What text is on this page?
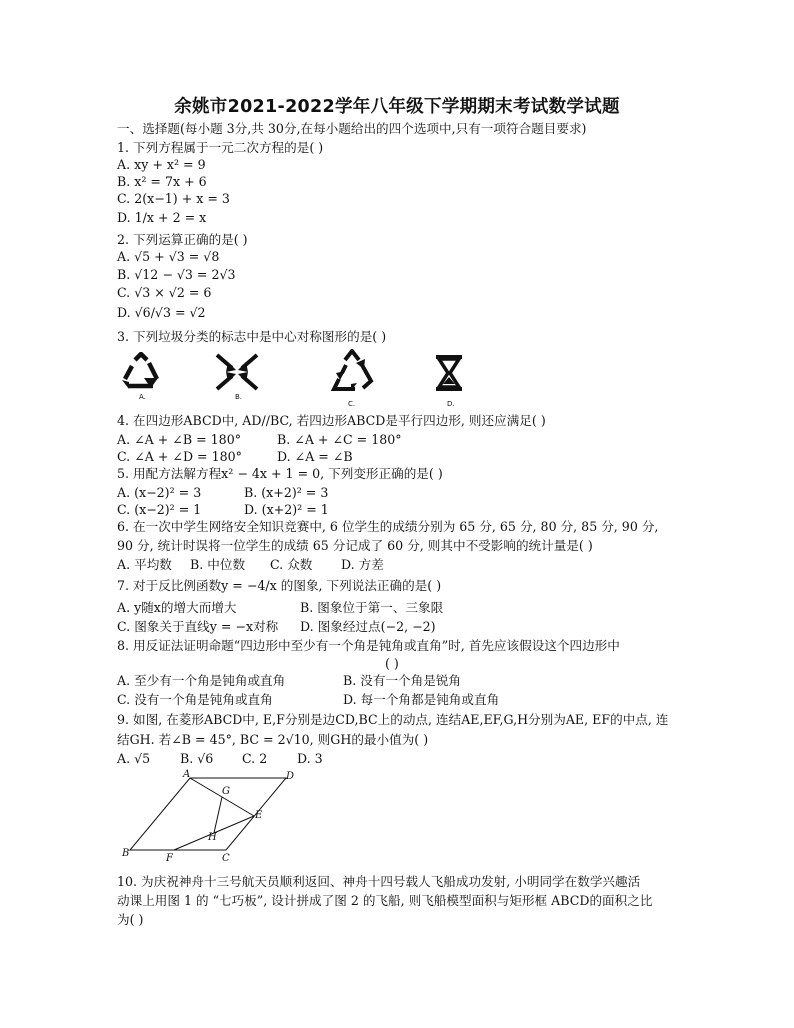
余姚市2021-2022学年八年级下学期期末考试数学试题
一、选择题(每小题 3分,共 30分,在每小题给出的四个选项中,只有一项符合题目要求)
1. 下列方程属于一元二次方程的是( )
A. xy + x² = 9
B. x² = 7x + 6
C. 2(x−1) + x = 3
D. 1/x + 2 = x
2. 下列运算正确的是( )
A. √5 + √3 = √8
B. √12 − √3 = 2√3
C. √3 × √2 = 6
D. √6/√3 = √2
3. 下列垃圾分类的标志中是中心对称图形的是( )
A.	B.
C.	D.
4. 在四边形ABCD中, AD//BC, 若四边形ABCD是平行四边形, 则还应满足( )
A. ∠A + ∠B = 180°	B. ∠A + ∠C = 180°
C. ∠A + ∠D = 180°	D. ∠A = ∠B
5. 用配方法解方程x² − 4x + 1 = 0, 下列变形正确的是( )
A. (x−2)² = 3	B. (x+2)² = 3
C. (x−2)² = 1	D. (x+2)² = 1
6. 在一次中学生网络安全知识竞赛中, 6 位学生的成绩分别为 65 分, 65 分, 80 分, 85 分, 90 分,
90 分, 统计时误将一位学生的成绩 65 分记成了 60 分, 则其中不受影响的统计量是( )
A. 平均数 B. 中位数 C. 众数 D. 方差
7. 对于反比例函数y = −4/x 的图象, 下列说法正确的是( )
A. y随x的增大而增大	B. 图象位于第一、三象限
C. 图象关于直线y = −x对称 D. 图象经过点(−2, −2)
8. 用反证法证明命题“四边形中至少有一个角是钝角或直角”时, 首先应该假设这个四边形中
( )
A. 至少有一个角是钝角或直角	B. 没有一个角是锐角
C. 没有一个角是钝角或直角	D. 每一个角都是钝角或直角
9. 如图, 在菱形ABCD中, E,F分别是边CD,BC上的动点, 连结AE,EF,G,H分别为AE, EF的中点, 连
结GH. 若∠B = 45°, BC = 2√10, 则GH的最小值为( )
A. √5 B. √6 C. 2 D. 3
A	D
G
E
H
B	F	C
10. 为庆祝神舟十三号航天员顺利返回、神舟十四号载人飞船成功发射, 小明同学在数学兴趣活
动课上用图 1 的 “七巧板”, 设计拼成了图 2 的飞船, 则飞船模型面积与矩形框 ABCD的面积之比
为( )
